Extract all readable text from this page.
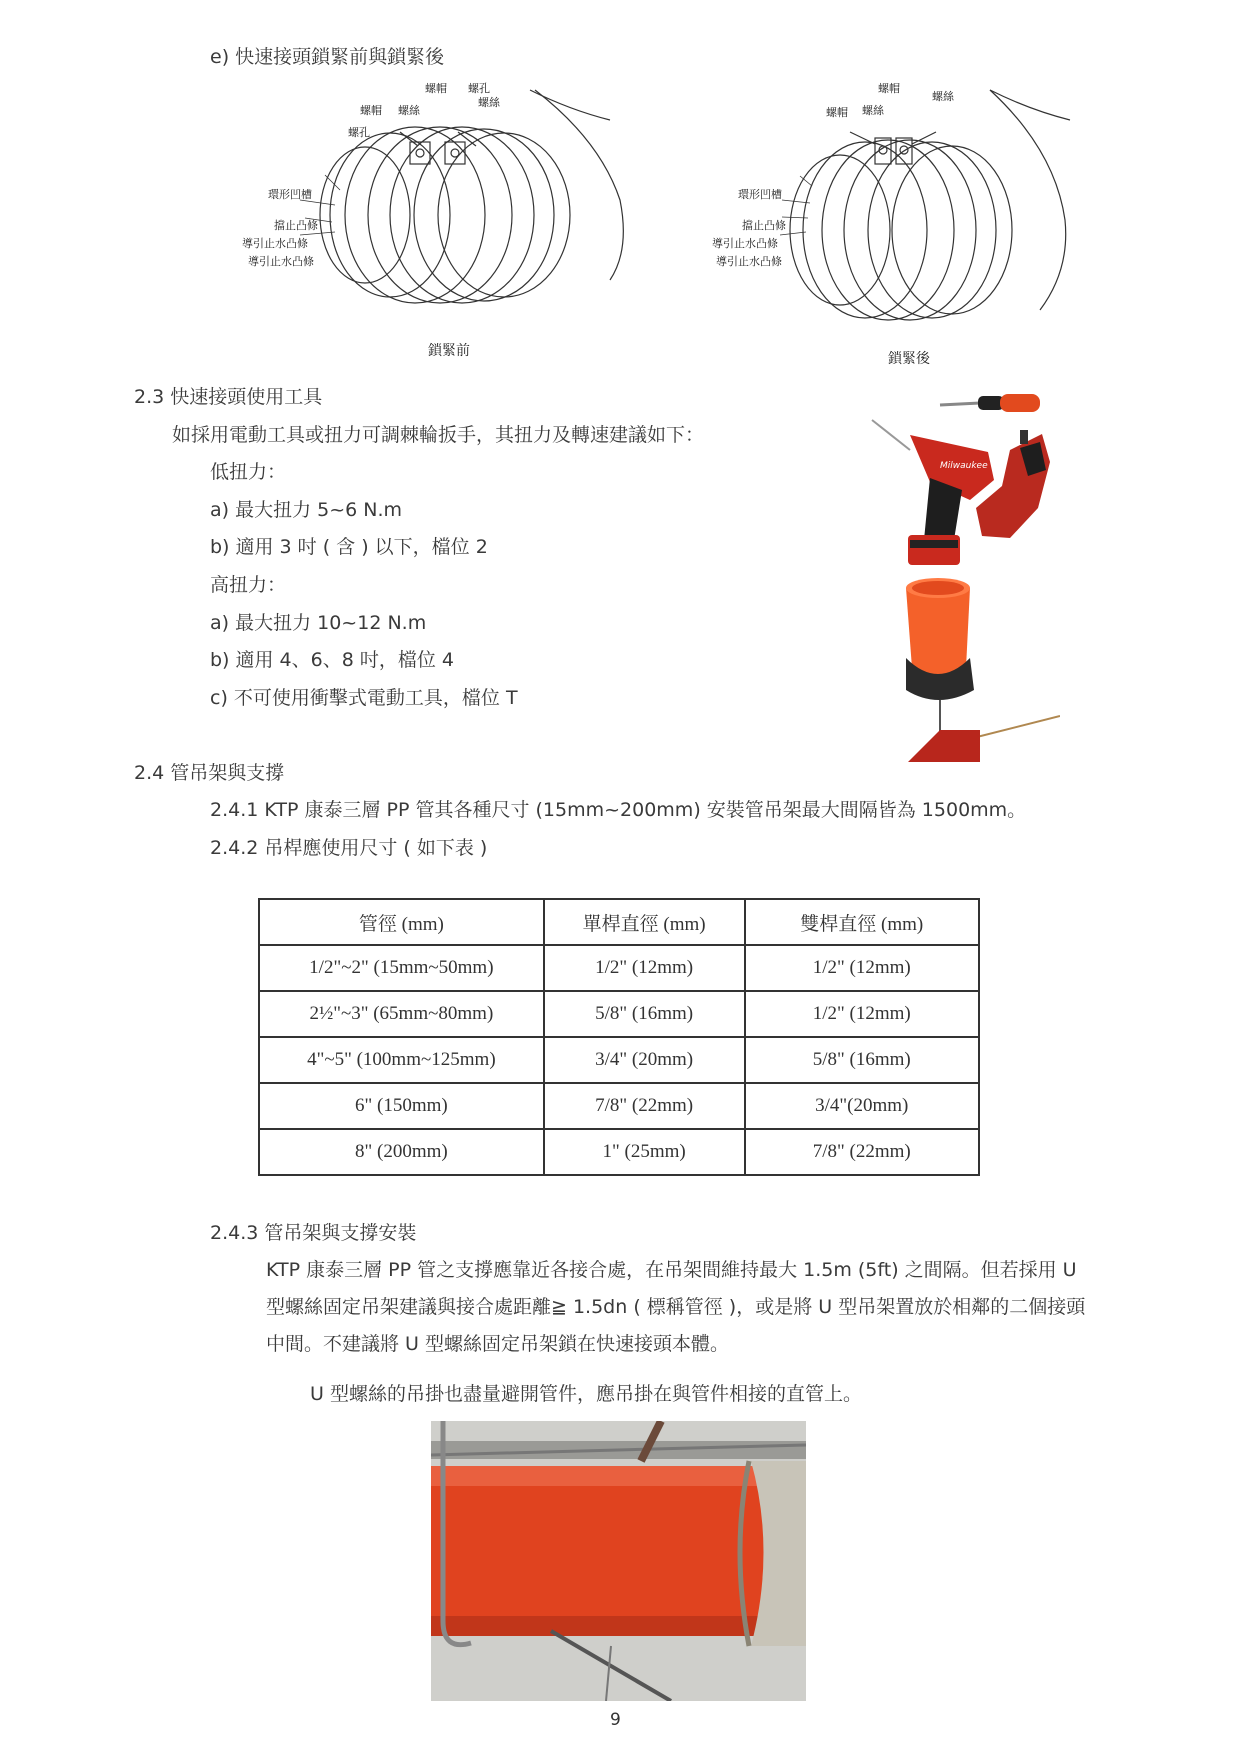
e) 快速接頭鎖緊前與鎖緊後
螺帽 螺孔
螺帽 螺絲
螺絲
螺孔
環形凹槽
擋止凸條
導引止水凸條
導引止水凸條
鎖緊前
螺帽
螺絲
螺帽 螺絲
環形凹槽
擋止凸條
導引止水凸條
導引止水凸條
鎖緊後
2.3 快速接頭使用工具
如採用電動工具或扭力可調棘輪扳手，其扭力及轉速建議如下：
低扭力：
a) 最大扭力 5~6 N.m
b) 適用 3 吋 ( 含 ) 以下，檔位 2
高扭力：
a) 最大扭力 10~12 N.m
b) 適用 4、6、8 吋，檔位 4
c) 不可使用衝擊式電動工具，檔位 T
Milwaukee
2.4 管吊架與支撐
2.4.1 KTP 康泰三層 PP 管其各種尺寸 (15mm~200mm) 安裝管吊架最大間隔皆為 1500mm。
2.4.2 吊桿應使用尺寸 ( 如下表 )
管徑 (mm)	單桿直徑 (mm)	雙桿直徑 (mm)
1/2"~2" (15mm~50mm)	1/2" (12mm)	1/2" (12mm)
2½"~3" (65mm~80mm)	5/8" (16mm)	1/2" (12mm)
4"~5" (100mm~125mm)	3/4" (20mm)	5/8" (16mm)
6" (150mm)	7/8" (22mm)	3/4"(20mm)
8" (200mm)	1" (25mm)	7/8" (22mm)
2.4.3 管吊架與支撐安裝
KTP 康泰三層 PP 管之支撐應靠近各接合處，在吊架間維持最大 1.5m (5ft) 之間隔。但若採用 U
型螺絲固定吊架建議與接合處距離≧ 1.5dn ( 標稱管徑 )，或是將 U 型吊架置放於相鄰的二個接頭
中間。不建議將 U 型螺絲固定吊架鎖在快速接頭本體。
U 型螺絲的吊掛也盡量避開管件，應吊掛在與管件相接的直管上。
9
